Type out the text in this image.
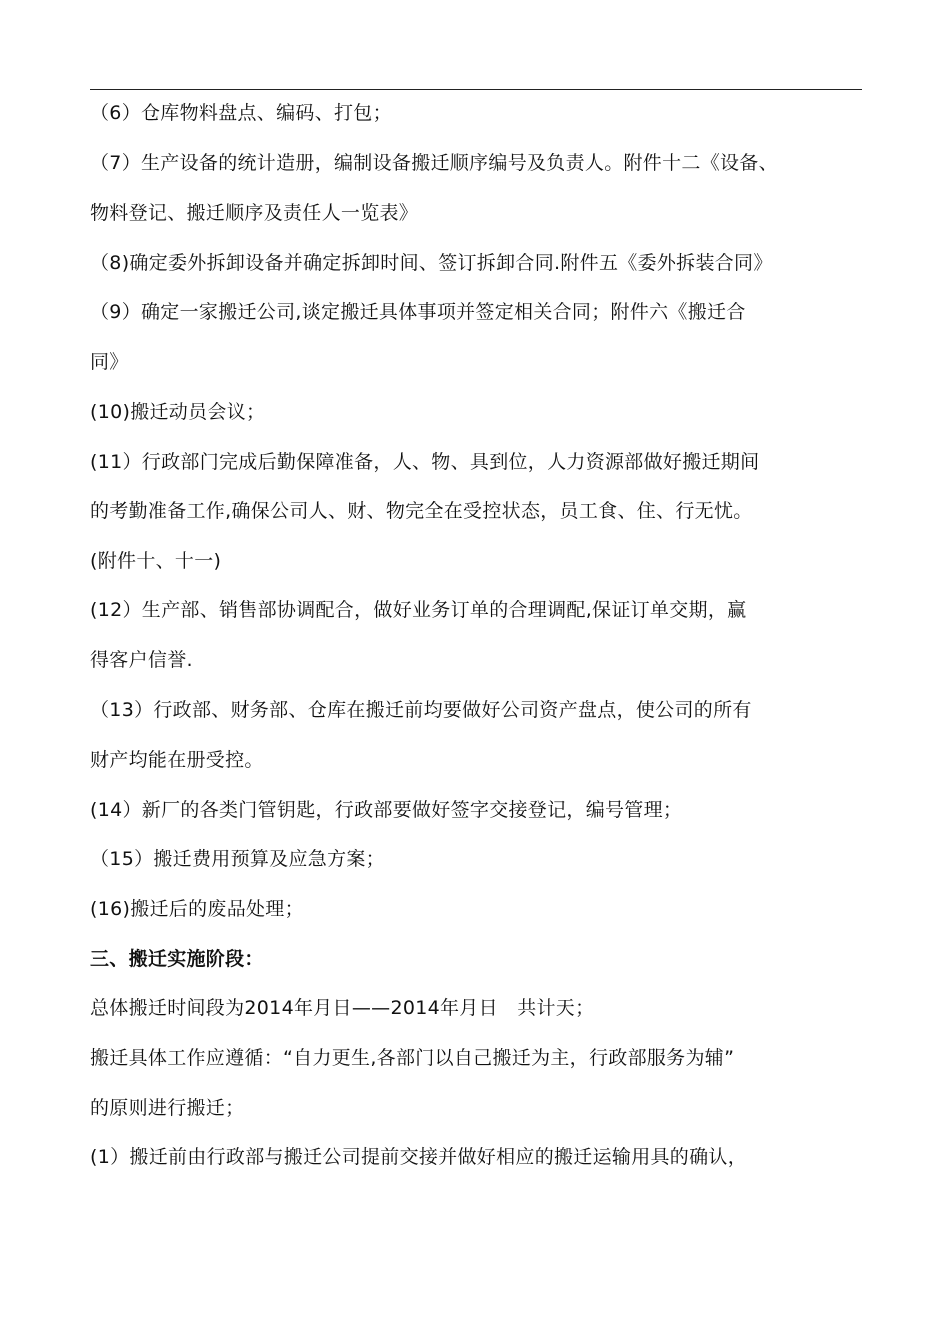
（6）仓库物料盘点、编码、打包；
（7）生产设备的统计造册，编制设备搬迁顺序编号及负责人。附件十二《设备、
物料登记、搬迁顺序及责任人一览表》
（8)确定委外拆卸设备并确定拆卸时间、签订拆卸合同.附件五《委外拆装合同》
（9）确定一家搬迁公司,谈定搬迁具体事项并签定相关合同；附件六《搬迁合
同》
(10)搬迁动员会议；
(11）行政部门完成后勤保障准备，人、物、具到位，人力资源部做好搬迁期间
的考勤准备工作,确保公司人、财、物完全在受控状态，员工食、住、行无忧。
(附件十、十一)
(12）生产部、销售部协调配合，做好业务订单的合理调配,保证订单交期，赢
得客户信誉.
（13）行政部、财务部、仓库在搬迁前均要做好公司资产盘点，使公司的所有
财产均能在册受控。
(14）新厂的各类门管钥匙，行政部要做好签字交接登记，编号管理；
（15）搬迁费用预算及应急方案；
(16)搬迁后的废品处理；
三、搬迁实施阶段：
总体搬迁时间段为2014年月日——2014年月日　共计天；
搬迁具体工作应遵循：“自力更生,各部门以自己搬迁为主，行政部服务为辅”
的原则进行搬迁；
(1）搬迁前由行政部与搬迁公司提前交接并做好相应的搬迁运输用具的确认，
